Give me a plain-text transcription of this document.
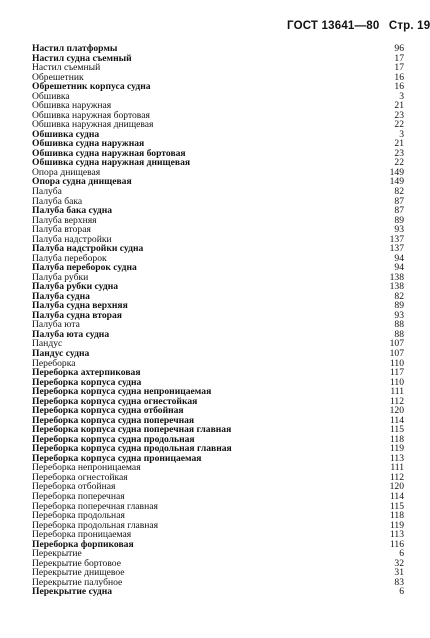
ГОСТ 13641—80 Стр. 19
Настил платформы	96
Настил судна съемный	17
Настил съемный	17
Обрешетник	16
Обрешетник корпуса судна	16
Обшивка	3
Обшивка наружная	21
Обшивка наружная бортовая	23
Обшивка наружная днищевая	22
Обшивка судна	3
Обшивка судна наружная	21
Обшивка судна наружная бортовая	23
Обшивка судна наружная днищевая	22
Опора днищевая	149
Опора судна днищевая	149
Палуба	82
Палуба бака	87
Палуба бака судна	87
Палуба верхняя	89
Палуба вторая	93
Палуба надстройки	137
Палуба надстройки судна	137
Палуба переборок	94
Палуба переборок судна	94
Палуба рубки	138
Палуба рубки судна	138
Палуба судна	82
Палуба судна верхняя	89
Палуба судна вторая	93
Палуба юта	88
Палуба юта судна	88
Пандус	107
Пандус судна	107
Переборка	110
Переборка ахтерпиковая	117
Переборка корпуса судна	110
Переборка корпуса судна непроницаемая	111
Переборка корпуса судна огнестойкая	112
Переборка корпуса судна отбойная	120
Переборка корпуса судна поперечная	114
Переборка корпуса судна поперечная главная	115
Переборка корпуса судна продольная	118
Переборка корпуса судна продольная главная	119
Переборка корпуса судна проницаемая	113
Переборка непроницаемая	111
Переборка огнестойкая	112
Переборка отбойная	120
Переборка поперечная	114
Переборка поперечная главная	115
Переборка продольная	118
Переборка продольная главная	119
Переборка проницаемая	113
Переборка форпиковая	116
Перекрытие	6
Перекрытие бортовое	32
Перекрытие днищевое	31
Перекрытие палубное	83
Перекрытие судна	6
